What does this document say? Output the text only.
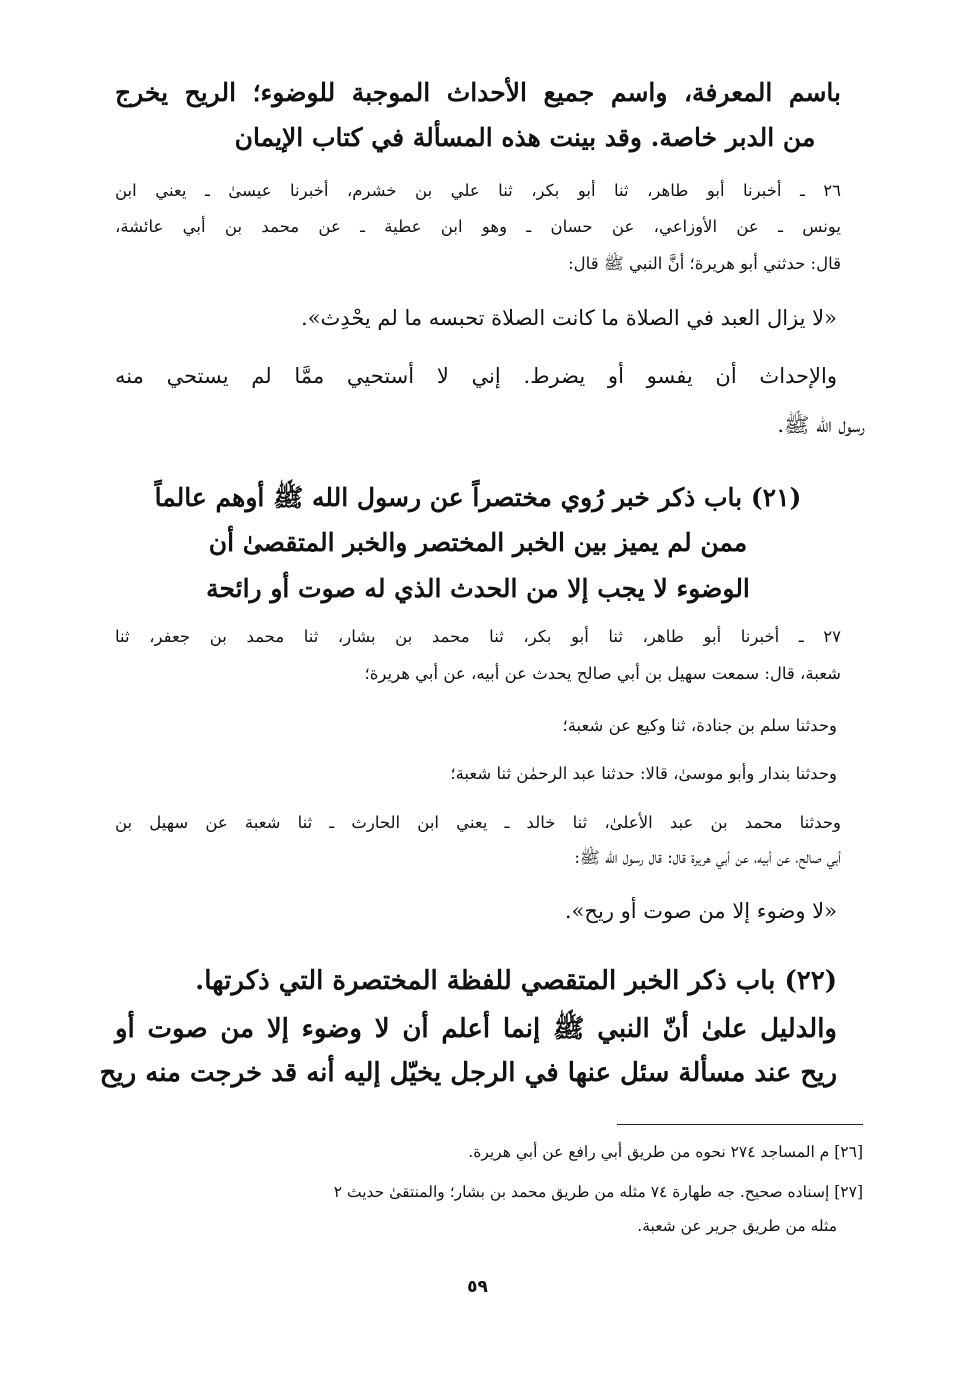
باسم المعرفة، واسم جميع الأحداث الموجبة للوضوء؛ الريح يخرج
من الدبر خاصة. وقد بينت هذه المسألة في كتاب الإيمان
٢٦ ـ أخبرنا أبو طاهر، ثنا أبو بكر، ثنا علي بن خشرم، أخبرنا عيسىٰ ـ يعني ابن
يونس ـ عن الأوزاعي، عن حسان ـ وهو ابن عطية ـ عن محمد بن أبي عائشة،
قال: حدثني أبو هريرة؛ أنَّ النبي ﷺ قال:
«لا يزال العبد في الصلاة ما كانت الصلاة تحبسه ما لم يحْدِث».
والإحداث أن يفسو أو يضرط. إني لا أستحيي ممَّا لم يستحي منه
رسول الله ﷺ.
(٢١) باب ذكر خبر رُوي مختصراً عن رسول الله ﷺ أوهم عالماً
ممن لم يميز بين الخبر المختصر والخبر المتقصىٰ أن
الوضوء لا يجب إلا من الحدث الذي له صوت أو رائحة
٢٧ ـ أخبرنا أبو طاهر، ثنا أبو بكر، ثنا محمد بن بشار، ثنا محمد بن جعفر، ثنا
شعبة، قال: سمعت سهيل بن أبي صالح يحدث عن أبيه، عن أبي هريرة؛
وحدثنا سلم بن جنادة، ثنا وكيع عن شعبة؛
وحدثنا بندار وأبو موسىٰ، قالا: حدثنا عبد الرحمٰن ثنا شعبة؛
وحدثنا محمد بن عبد الأعلىٰ، ثنا خالد ـ يعني ابن الحارث ـ ثنا شعبة عن سهيل بن
أبي صالح، عن أبيه، عن أبي هريرة قال: قال رسول الله ﷺ:
«لا وضوء إلا من صوت أو ريح».
(٢٢) باب ذكر الخبر المتقصي للفظة المختصرة التي ذكرتها.
والدليل علىٰ أنّ النبي ﷺ إنما أعلم أن لا وضوء إلا من صوت أو
ريح عند مسألة سئل عنها في الرجل يخيّل إليه أنه قد خرجت منه ريح
[٢٦] م المساجد ٢٧٤ نحوه من طريق أبي رافع عن أبي هريرة.
[٢٧] إسناده صحيح. جه طهارة ٧٤ مثله من طريق محمد بن بشار؛ والمنتقىٰ حديث ٢
مثله من طريق جرير عن شعبة.
٥٩
